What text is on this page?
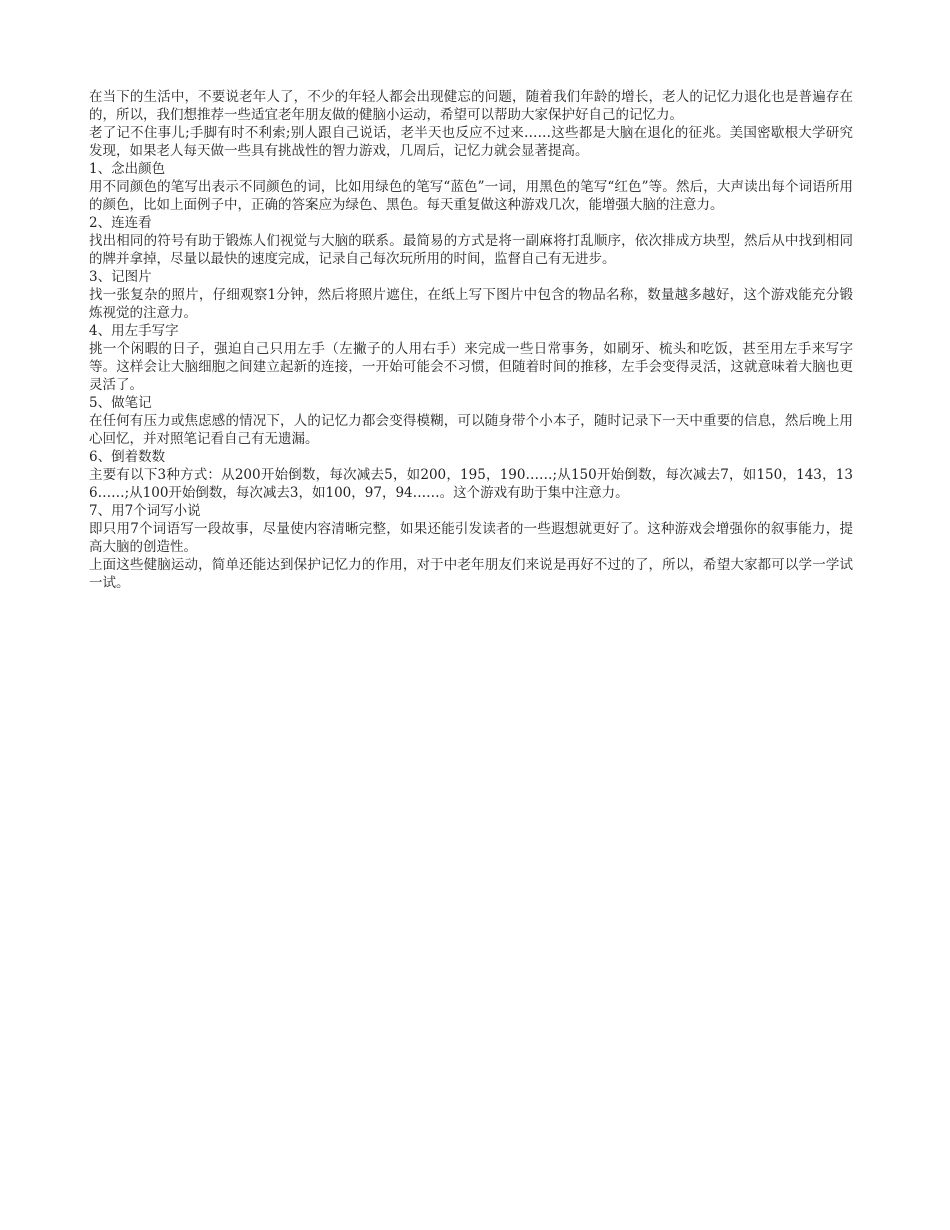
在当下的生活中，不要说老年人了，不少的年轻人都会出现健忘的问题，随着我们年龄的增长，老人的记忆力退化也是普遍存在的，所以，我们想推荐一些适宜老年朋友做的健脑小运动，希望可以帮助大家保护好自己的记忆力。

老了记不住事儿;手脚有时不利索;别人跟自己说话，老半天也反应不过来……这些都是大脑在退化的征兆。美国密歇根大学研究发现，如果老人每天做一些具有挑战性的智力游戏，几周后，记忆力就会显著提高。

1、念出颜色

用不同颜色的笔写出表示不同颜色的词，比如用绿色的笔写“蓝色”一词，用黑色的笔写“红色”等。然后，大声读出每个词语所用的颜色，比如上面例子中，正确的答案应为绿色、黑色。每天重复做这种游戏几次，能增强大脑的注意力。

2、连连看

找出相同的符号有助于锻炼人们视觉与大脑的联系。最简易的方式是将一副麻将打乱顺序，依次排成方块型，然后从中找到相同的牌并拿掉，尽量以最快的速度完成，记录自己每次玩所用的时间，监督自己有无进步。

3、记图片

找一张复杂的照片，仔细观察1分钟，然后将照片遮住，在纸上写下图片中包含的物品名称，数量越多越好，这个游戏能充分锻炼视觉的注意力。

4、用左手写字

挑一个闲暇的日子，强迫自己只用左手（左撇子的人用右手）来完成一些日常事务，如刷牙、梳头和吃饭，甚至用左手来写字等。这样会让大脑细胞之间建立起新的连接，一开始可能会不习惯，但随着时间的推移，左手会变得灵活，这就意味着大脑也更灵活了。

5、做笔记

在任何有压力或焦虑感的情况下，人的记忆力都会变得模糊，可以随身带个小本子，随时记录下一天中重要的信息，然后晚上用心回忆，并对照笔记看自己有无遗漏。

6、倒着数数

主要有以下3种方式：从200开始倒数，每次减去5，如200，195，190……;从150开始倒数，每次减去7，如150，143，136……;从100开始倒数，每次减去3，如100，97，94……。这个游戏有助于集中注意力。

7、用7个词写小说

即只用7个词语写一段故事，尽量使内容清晰完整，如果还能引发读者的一些遐想就更好了。这种游戏会增强你的叙事能力，提高大脑的创造性。

上面这些健脑运动，简单还能达到保护记忆力的作用，对于中老年朋友们来说是再好不过的了，所以，希望大家都可以学一学试一试。
